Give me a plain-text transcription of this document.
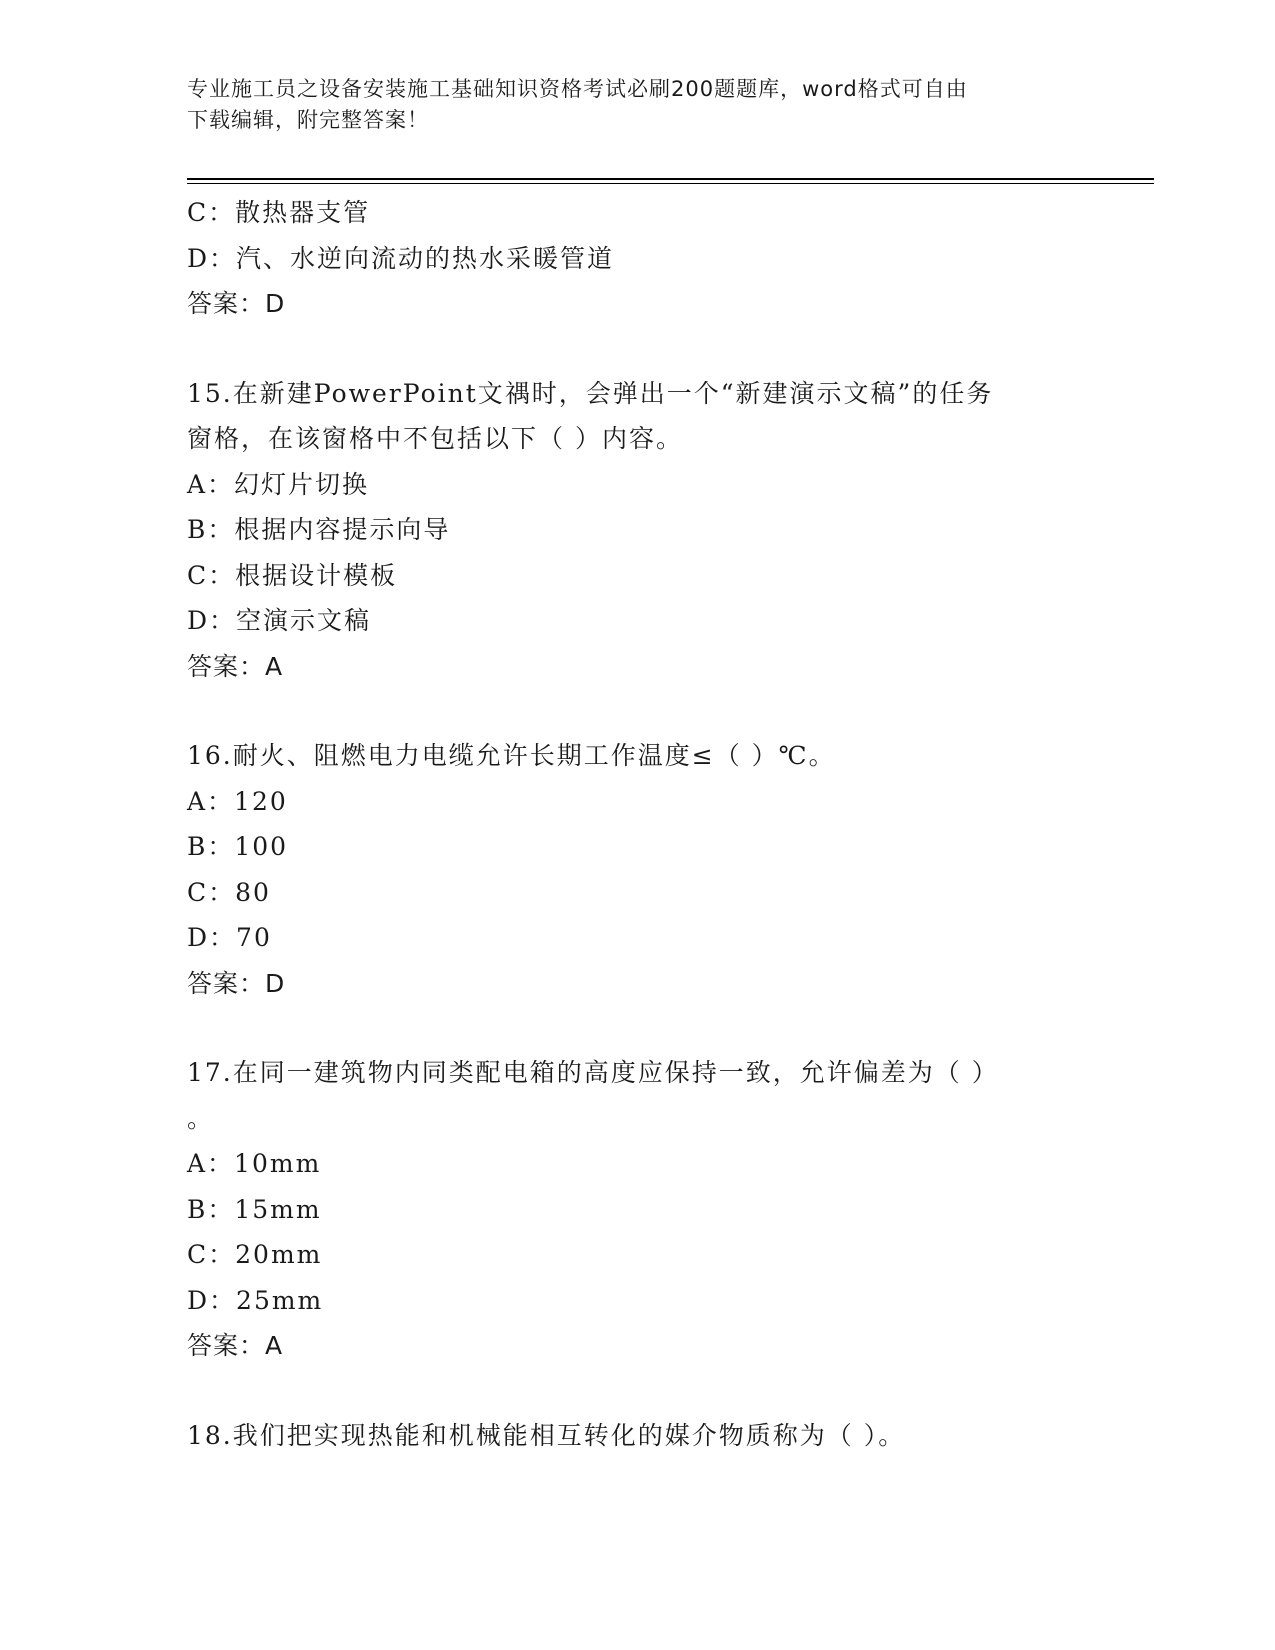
专业施工员之设备安装施工基础知识资格考试必刷200题题库，word格式可自由
下载编辑，附完整答案！
C：散热器支管
D：汽、水逆向流动的热水采暖管道
答案：D
15.在新建PowerPoint文禑时，会弹出一个“新建演示文稿”的任务
窗格，在该窗格中不包括以下（ ）内容。
A：幻灯片切换
B：根据内容提示向导
C：根据设计模板
D：空演示文稿
答案：A
16.耐火、阻燃电力电缆允许长期工作温度≤（ ）℃。
A：120
B：100
C：80
D：70
答案：D
17.在同一建筑物内同类配电箱的高度应保持一致，允许偏差为（ ）
。
A：10mm
B：15mm
C：20mm
D：25mm
答案：A
18.我们把实现热能和机械能相互转化的媒介物质称为（ ）。
